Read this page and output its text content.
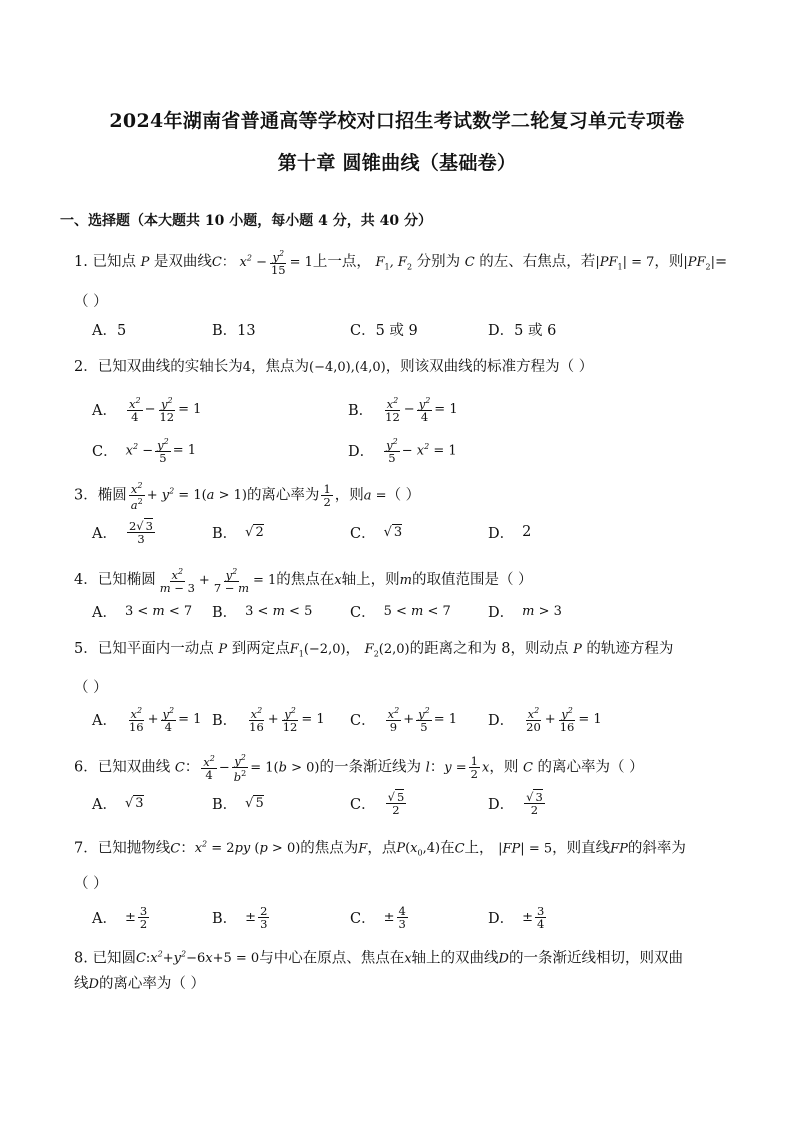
2024年湖南省普通高等学校对口招生考试数学二轮复习单元专项卷
第十章 圆锥曲线（基础卷）
一、选择题（本大题共 10 小题，每小题 4 分，共 40 分）
1. 已知点 P 是双曲线C： $x^2 - \frac{y^2}{15} = 1$上一点， $F_1$, $F_2$ 分别为 C 的左、右焦点，若$|PF_1| = 7$，则$|PF_2|=$
（ ）
A．5	B．13	C．5 或 9	D．5 或 6
2．已知双曲线的实轴长为4，焦点为(−4,0),(4,0)，则该双曲线的标准方程为（ ）
A． $\frac{x^2}{4} - \frac{y^2}{12} = 1$	B． $\frac{x^2}{12} - \frac{y^2}{4} = 1$
C． $x^2 - \frac{y^2}{5} = 1$	D． $\frac{y^2}{5} - x^2 = 1$
3．椭圆 $\frac{x^2}{a^2} + y^2 = 1(a > 1)$的离心率为 $\frac{1}{2}$ ，则a =（ ）
A． $\frac{2√ 3}{3}$	B． √ 2	C． √ 3	D． 2
4．已知椭圆 $\frac{x^2}{m - 3} + \frac{y^2}{7 - m} = 1$的焦点在x轴上，则m的取值范围是（ ）
A． 3 < m < 7 B． 3 < m < 5	C． 5 < m < 7	D． m > 3
5．已知平面内一动点 P 到两定点$F_1(-2,0)$， $F_2(2,0)$的距离之和为 8，则动点 P 的轨迹方程为
（ ）
A． $\frac{x^2}{16} + \frac{y^2}{4} = 1$ B． $\frac{x^2}{16} + \frac{y^2}{12} = 1$ C． $\frac{x^2}{9} + \frac{y^2}{5} = 1$ D． $\frac{x^2}{20} + \frac{y^2}{16} = 1$
6．已知双曲线 C： $\frac{x^2}{4} - \frac{y^2}{b^2} = 1(b > 0)$的一条渐近线为 l：$y = \frac{1}{2}$ x，则 C 的离心率为（ ）
A． √ 3	B． √ 5	C． $\frac{√ 5}{2}$	D． $\frac{√ 3}{2}$
7．已知抛物线C：$x^2 = 2py$ (p > 0)的焦点为F，点$P(x_0,4)$在C上， |FP| = 5，则直线FP的斜率为
（ ）
A． ± $\frac{3}{2}$	B． ± $\frac{2}{3}$	C． ± $\frac{4}{3}$	D． ± $\frac{3}{4}$
8. 已知圆$C:x^2+y^2-6x+5 = 0$与中心在原点、焦点在x轴上的双曲线D的一条渐近线相切，则双曲
线D的离心率为（ ）
